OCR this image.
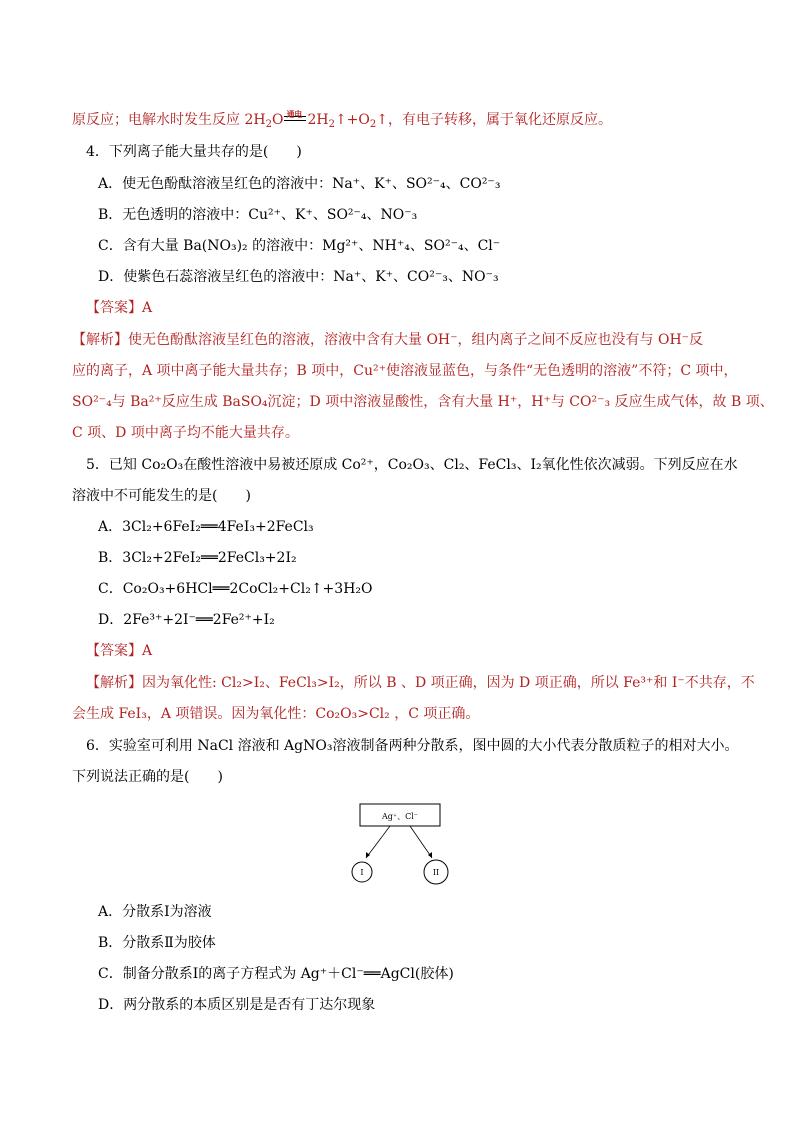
原反应；电解水时发生反应 $2H_2O$ 通电 $2H_2↑+O_2↑$，有电子转移，属于氧化还原反应。
4．下列离子能大量共存的是(　　)
A．使无色酚酞溶液呈红色的溶液中：Na⁺、K⁺、SO²⁻₄、CO²⁻₃
B．无色透明的溶液中：Cu²⁺、K⁺、SO²⁻₄、NO⁻₃
C．含有大量 Ba(NO₃)₂ 的溶液中：Mg²⁺、NH⁺₄、SO²⁻₄、Cl⁻
D．使紫色石蕊溶液呈红色的溶液中：Na⁺、K⁺、CO²⁻₃、NO⁻₃
【答案】A
【解析】使无色酚酞溶液呈红色的溶液，溶液中含有大量 OH⁻，组内离子之间不反应也没有与 OH⁻反
应的离子，A 项中离子能大量共存；B 项中，Cu²⁺使溶液显蓝色，与条件“无色透明的溶液”不符；C 项中，
SO²⁻₄与 Ba²⁺反应生成 BaSO₄沉淀；D 项中溶液显酸性，含有大量 H⁺，H⁺与 CO²⁻₃ 反应生成气体，故 B 项、
C 项、D 项中离子均不能大量共存。
5．已知 Co₂O₃在酸性溶液中易被还原成 Co²⁺，Co₂O₃、Cl₂、FeCl₃、I₂氧化性依次减弱。下列反应在水
溶液中不可能发生的是(　　)
A．3Cl₂+6FeI₂══4FeI₃+2FeCl₃
B．3Cl₂+2FeI₂══2FeCl₃+2I₂
C．Co₂O₃+6HCl══2CoCl₂+Cl₂↑+3H₂O
D．2Fe³⁺+2I⁻══2Fe²⁺+I₂
【答案】A
【解析】因为氧化性: Cl₂>I₂、FeCl₃>I₂，所以 B 、D 项正确，因为 D 项正确，所以 Fe³⁺和 I⁻不共存，不
会生成 FeI₃，A 项错误。因为氧化性：Co₂O₃>Cl₂ ，C 项正确。
6．实验室可利用 NaCl 溶液和 AgNO₃溶液制备两种分散系，图中圆的大小代表分散质粒子的相对大小。
下列说法正确的是(　　)
Ag⁺、Cl⁻
I	II
A．分散系Ⅰ为溶液
B．分散系Ⅱ为胶体
C．制备分散系Ⅰ的离子方程式为 Ag⁺＋Cl⁻══AgCl(胶体)
D．两分散系的本质区别是是否有丁达尔现象
